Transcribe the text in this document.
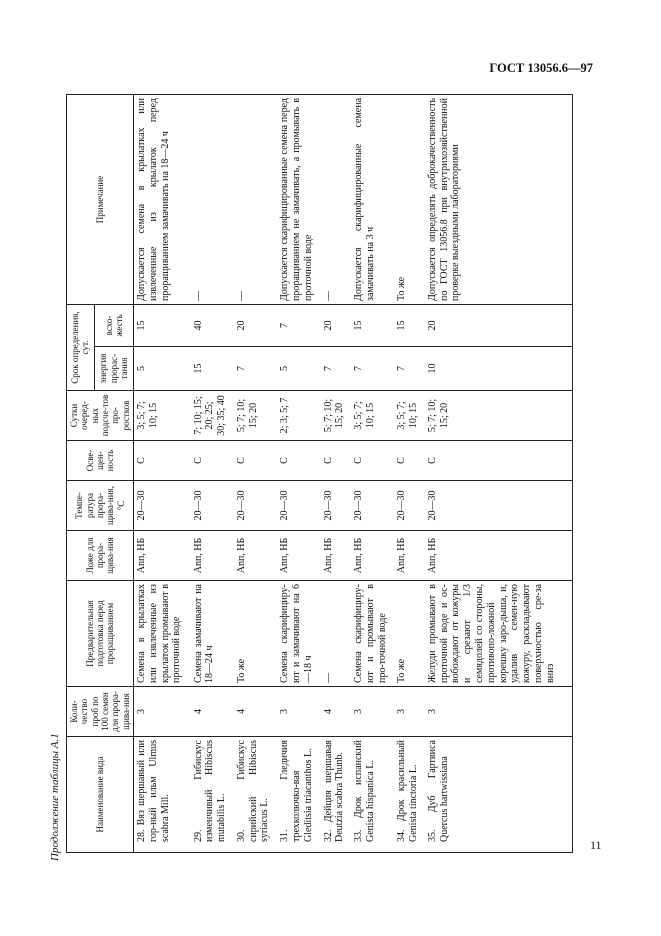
ГОСТ 13056.6—97
Продолжение таблицы А.1	Наименование вида	Коли-чество проб по 100 семян для прора-щива-ния	Предварительная подготовка перед проращиванием	Ложе для прора-щива-ния	Темпе-ратура прора-щива-ния, °С	Осве-щен-ность	Сутки очеред-ных подсче-тов про-ростков	Срок определения, сут.		Примечание
							энергия прорас-тания	всхо-жесть	
28. Вяз шершавый или гор-ный ильм Ulmus scabra Mill.	3	Семена в крылатках или извлеченные из крылаток промывают в проточной воде	Anп, НБ	20—30	С	3; 5; 7; 10; 15	5	15	Допускается семена в крылатках или извлеченные из крылаток перед проращиванием замачивать на 18—24 ч
29. Гибискус изменчивый Hibiscus mutabilis L.	4	Семена замачивают на 18—24 ч	Anп, НБ	20—30	С	7; 10; 15; 20; 25; 30; 35; 40	15	40	—
30. Гибискус сирийский Hibiscus syriacus L.	4	То же	Anп, НБ	20—30	С	5; 7; 10; 15; 20	7	20	—
31. Гледичия трехколючко-вая Gleditsia triacanthos L.	3	Семена скарифициру-ют и замачивают на 6—18 ч	Anп, НБ	20—30	С	2; 3; 5; 7	5	7	Допускается скарифицированные семена перед проращиванием не замачивать, а промывать в проточной воде
32. Дейция шершавая Deutzia scabra Thunb.	4	—	Anп, НБ	20—30	С	5; 7; 10; 15; 20	7	20	—
33. Дрок испанский Genista hispanica L.	3	Семена скарифициру-ют и промывают в про-точной воде	Anп, НБ	20—30	С	3; 5; 7; 10; 15	7	15	Допускается скарифицированные семена замачивать на 3 ч
34. Дрок красильный Genista tinctoria L.	3	То же	Anп, НБ	20—30	С	3; 5; 7; 10; 15	7	15	То же
35. Дуб Гартвиса Quercus hartwissiana	3	Желуди промывают в проточной воде и ос-вобождают от кожуры и срезают 1/3 семядолей со стороны, противопо-ложной корешку заро-дыша, и, удалив семен-ную кожуру, раскладывают поверхностью сре-за вниз	Anп, НБ	20—30	С	5; 7; 10; 15; 20	10	20	Допускается определять доброкачественность по ГОСТ 13056.8 при внутрихозяйственной проверке выездными лабораториями
11
